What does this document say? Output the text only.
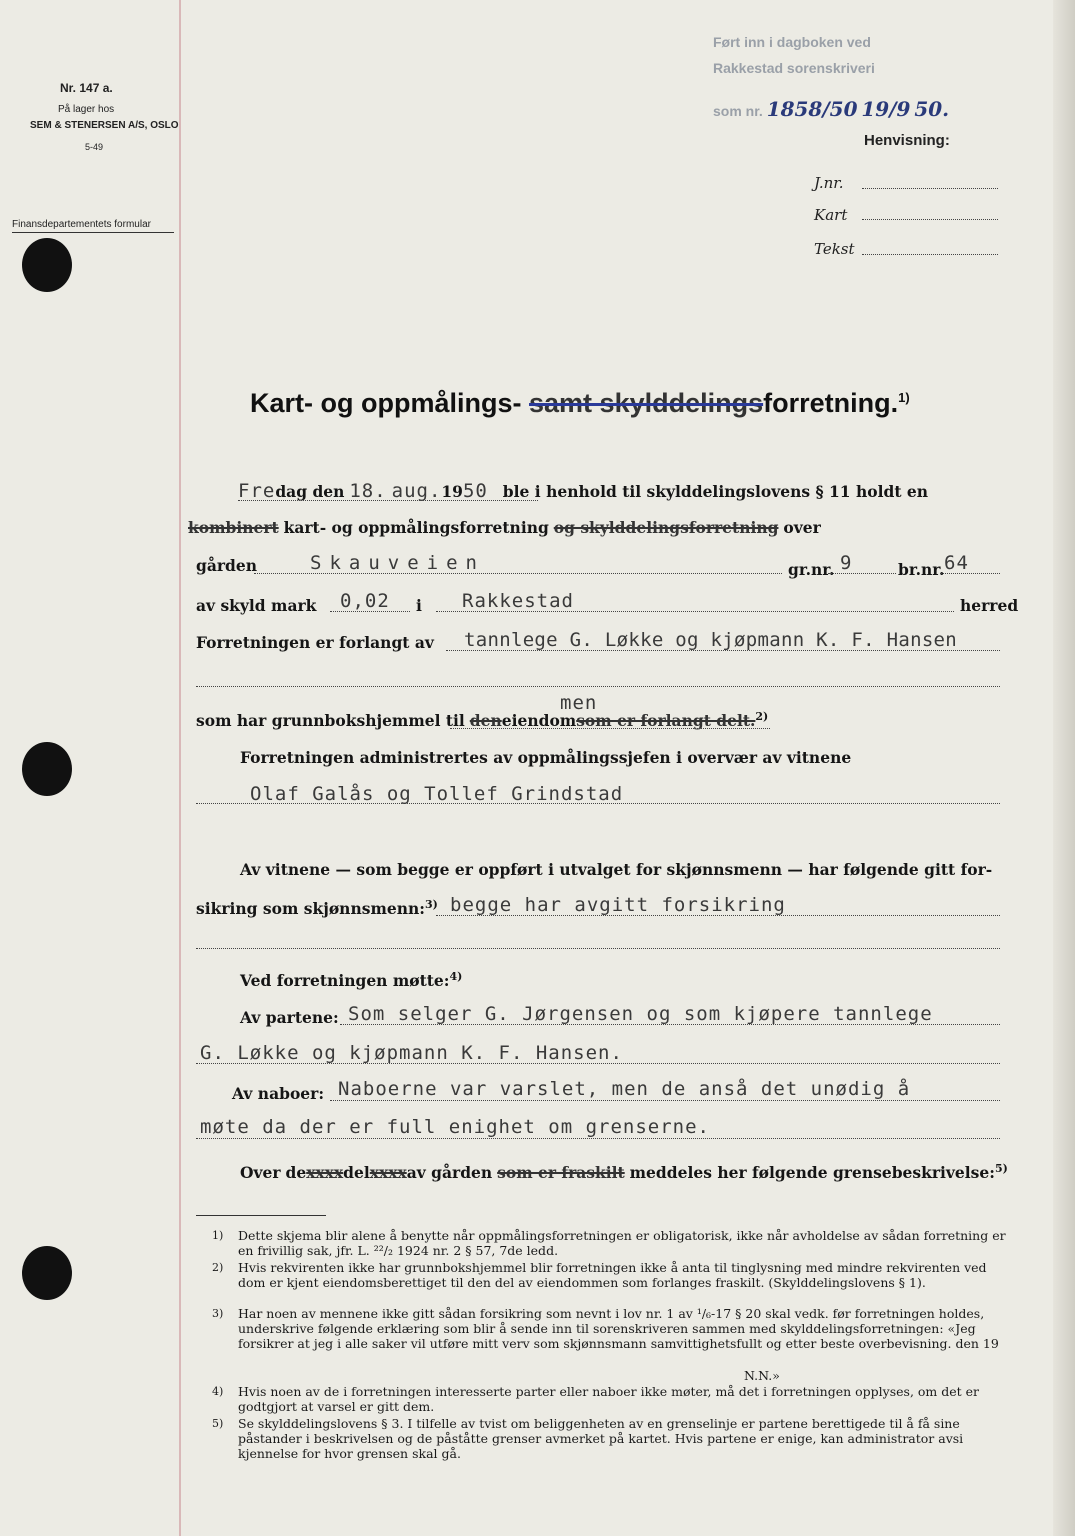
Nr. 147 a.
På lager hos
SEM & STENERSEN A/S, OSLO
5-49
Finansdepartementets formular
Ført inn i dagboken ved
Rakkestad sorenskriveri
som nr. 1858/50 19/9 50.
Henvisning:
J.nr.
Kart
Tekst
Kart- og oppmålings- samt skylddelingsforretning.$^{1)}$
Fredag den 18. aug.1950 ble i henhold til skylddelingslovens § 11 holdt en
kombinert kart- og oppmålingsforretning og skylddelingsforretning over
gården	Skauveien	gr.nr. 9	br.nr. 64
av skyld mark 0,02 i Rakkestad	herred
Forretningen er forlangt av tannlege G. Løkke og kjøpmann K. F. Hansen
men
som har grunnbokshjemmel til deneiendomsom er forlangt delt.$^{2)}$
Forretningen administrertes av oppmålingssjefen i overvær av vitnene
Olaf Galås og Tollef Grindstad
Av vitnene — som begge er oppført i utvalget for skjønnsmenn — har følgende gitt for-
sikring som skjønnsmenn:$^{3)}$ begge har avgitt forsikring
Ved forretningen møtte:$^{4)}$
Av partene: Som selger G. Jørgensen og som kjøpere tannlege
G. Løkke og kjøpmann K. F. Hansen.
Av naboer: Naboerne var varslet, men de anså det unødig å
møte da der er full enighet om grenserne.
Over dexxxxdelxxxxav gården som er fraskilt meddeles her følgende grensebeskrivelse:$^{5)}$
1) Dette skjema blir alene å benytte når oppmålingsforretningen er obligatorisk, ikke når avholdelse av sådan forretning er en frivillig sak, jfr. L. ²²/₂ 1924 nr. 2 § 57, 7de ledd.
2) Hvis rekvirenten ikke har grunnbokshjemmel blir forretningen ikke å anta til tinglysning med mindre rekvirenten ved dom er kjent eiendomsberettiget til den del av eiendommen som forlanges fraskilt. (Skylddelingslovens § 1).
3) Har noen av mennene ikke gitt sådan forsikring som nevnt i lov nr. 1 av ¹/₆-17 § 20 skal vedk. før forretningen holdes, underskrive følgende erklæring som blir å sende inn til sorenskriveren sammen med skylddelingsforretningen: «Jeg forsikrer at jeg i alle saker vil utføre mitt verv som skjønnsmann samvittighetsfullt og etter beste overbevisning. den 19
N.N.»
4) Hvis noen av de i forretningen interesserte parter eller naboer ikke møter, må det i forretningen opplyses, om det er godtgjort at varsel er gitt dem.
5) Se skylddelingslovens § 3. I tilfelle av tvist om beliggenheten av en grenselinje er partene berettigede til å få sine påstander i beskrivelsen og de påståtte grenser avmerket på kartet. Hvis partene er enige, kan administrator avsi kjennelse for hvor grensen skal gå.
